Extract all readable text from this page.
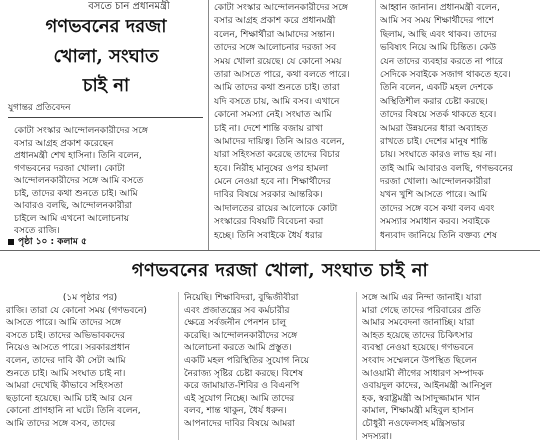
বসতে চান প্রধানমন্ত্রী
গণভবনের দরজা
খোলা, সংঘাত
চাই না
যুগান্তর প্রতিবেদন
কোটা সংস্কার আন্দোলনকারীদের সঙ্গে
বসার আগ্রহ প্রকাশ করেছেন
প্রধানমন্ত্রী শেখ হাসিনা। তিনি বলেন,
গণভবনের দরজা খোলা। কোটা
আন্দোলনকারীদের সঙ্গে আমি বসতে
চাই, তাদের কথা শুনতে চাই। আমি
আবারও বলছি, আন্দোলনকারীরা
চাইলে আমি এখনো আলোচনায়
বসতে রাজি।
পৃষ্ঠা ১০ : কলাম ৫
কোটা সংস্কার আন্দোলনকারীদের সঙ্গে
বসার আগ্রহ প্রকাশ করে প্রধানমন্ত্রী
বলেন, শিক্ষার্থীরা আমাদের সন্তান।
তাদের সঙ্গে আলোচনার দরজা সব
সময় খোলা রয়েছে। যে কোনো সময়
তারা আসতে পারে, কথা বলতে পারে।
আমি তাদের কথা শুনতে চাই। তারা
যদি বসতে চায়, আমি বসব। এখানে
কোনো সমস্যা নেই। সংঘাত আমি
চাই না। দেশে শান্তি বজায় রাখা
আমাদের দায়িত্ব। তিনি আরও বলেন,
যারা সহিংসতা করেছে তাদের বিচার
হবে। নিরীহ মানুষের ওপর হামলা
মেনে নেওয়া হবে না। শিক্ষার্থীদের
দাবির বিষয়ে সরকার আন্তরিক।
আদালতের রায়ের আলোকে কোটা
সংস্কারের বিষয়টি বিবেচনা করা
হচ্ছে। তিনি সবাইকে ধৈর্য ধরার
আহ্বান জানান। প্রধানমন্ত্রী বলেন,
আমি সব সময় শিক্ষার্থীদের পাশে
ছিলাম, আছি এবং থাকব। তাদের
ভবিষ্যৎ নিয়ে আমি চিন্তিত। কেউ
যেন তাদের ব্যবহার করতে না পারে
সেদিকে সবাইকে সজাগ থাকতে হবে।
তিনি বলেন, একটি মহল দেশকে
অস্থিতিশীল করার চেষ্টা করছে।
তাদের বিষয়ে সতর্ক থাকতে হবে।
আমরা উন্নয়নের ধারা অব্যাহত
রাখতে চাই। দেশের মানুষ শান্তি
চায়। সংঘাতে কারও লাভ হয় না।
তাই আমি আবারও বলছি, গণভবনের
দরজা খোলা। আন্দোলনকারীরা
যখন খুশি আসতে পারে। আমি
তাদের সঙ্গে বসে কথা বলব এবং
সমস্যার সমাধান করব। সবাইকে
ধন্যবাদ জানিয়ে তিনি বক্তব্য শেষ
গণভবনের দরজা খোলা, সংঘাত চাই না
(১ম পৃষ্ঠার পর)
রাজি। তারা যে কোনো সময় (গণভবনে)
আসতে পারে। আমি তাদের সঙ্গে
বসতে চাই। তাদের অভিভাবকদের
নিয়েও আসতে পারে। সরকারপ্রধান
বলেন, তাদের দাবি কী সেটা আমি
শুনতে চাই। আমি সংঘাত চাই না।
আমরা দেখেছি কীভাবে সহিংসতা
ছড়ানো হয়েছে। আমি চাই আর যেন
কোনো প্রাণহানি না ঘটে। তিনি বলেন,
আমি তাদের সঙ্গে বসব, তাদের
নিয়েছি। শিক্ষাবিদরা, বুদ্ধিজীবীরা
এবং প্রজাতন্ত্রের সব কর্মচারীর
ক্ষেত্রে সর্বজনীন পেনশন চালু
করেছি। আন্দোলনকারীদের সঙ্গে
আলোচনা করতে আমি প্রস্তুত।
একটি মহল পরিস্থিতির সুযোগ নিয়ে
নৈরাজ্য সৃষ্টির চেষ্টা করছে। বিশেষ
করে জামায়াত-শিবির ও বিএনপি
এই সুযোগ নিচ্ছে। আমি তাদের
বলব, শান্ত থাকুন, ধৈর্য ধরুন।
আপনাদের দাবির বিষয়ে আমরা
সঙ্গে আমি এর নিন্দা জানাই। যারা
মারা গেছে তাদের পরিবারের প্রতি
আমার সমবেদনা জানাচ্ছি। যারা
আহত হয়েছে তাদের চিকিৎসার
ব্যবস্থা নেওয়া হয়েছে। গণভবনে
সংবাদ সম্মেলনে উপস্থিত ছিলেন
আওয়ামী লীগের সাধারণ সম্পাদক
ওবায়দুল কাদের, আইনমন্ত্রী আনিসুল
হক, স্বরাষ্ট্রমন্ত্রী আসাদুজ্জামান খান
কামাল, শিক্ষামন্ত্রী মহিবুল হাসান
চৌধুরী নওফেলসহ মন্ত্রিসভার
সদস্যরা।
